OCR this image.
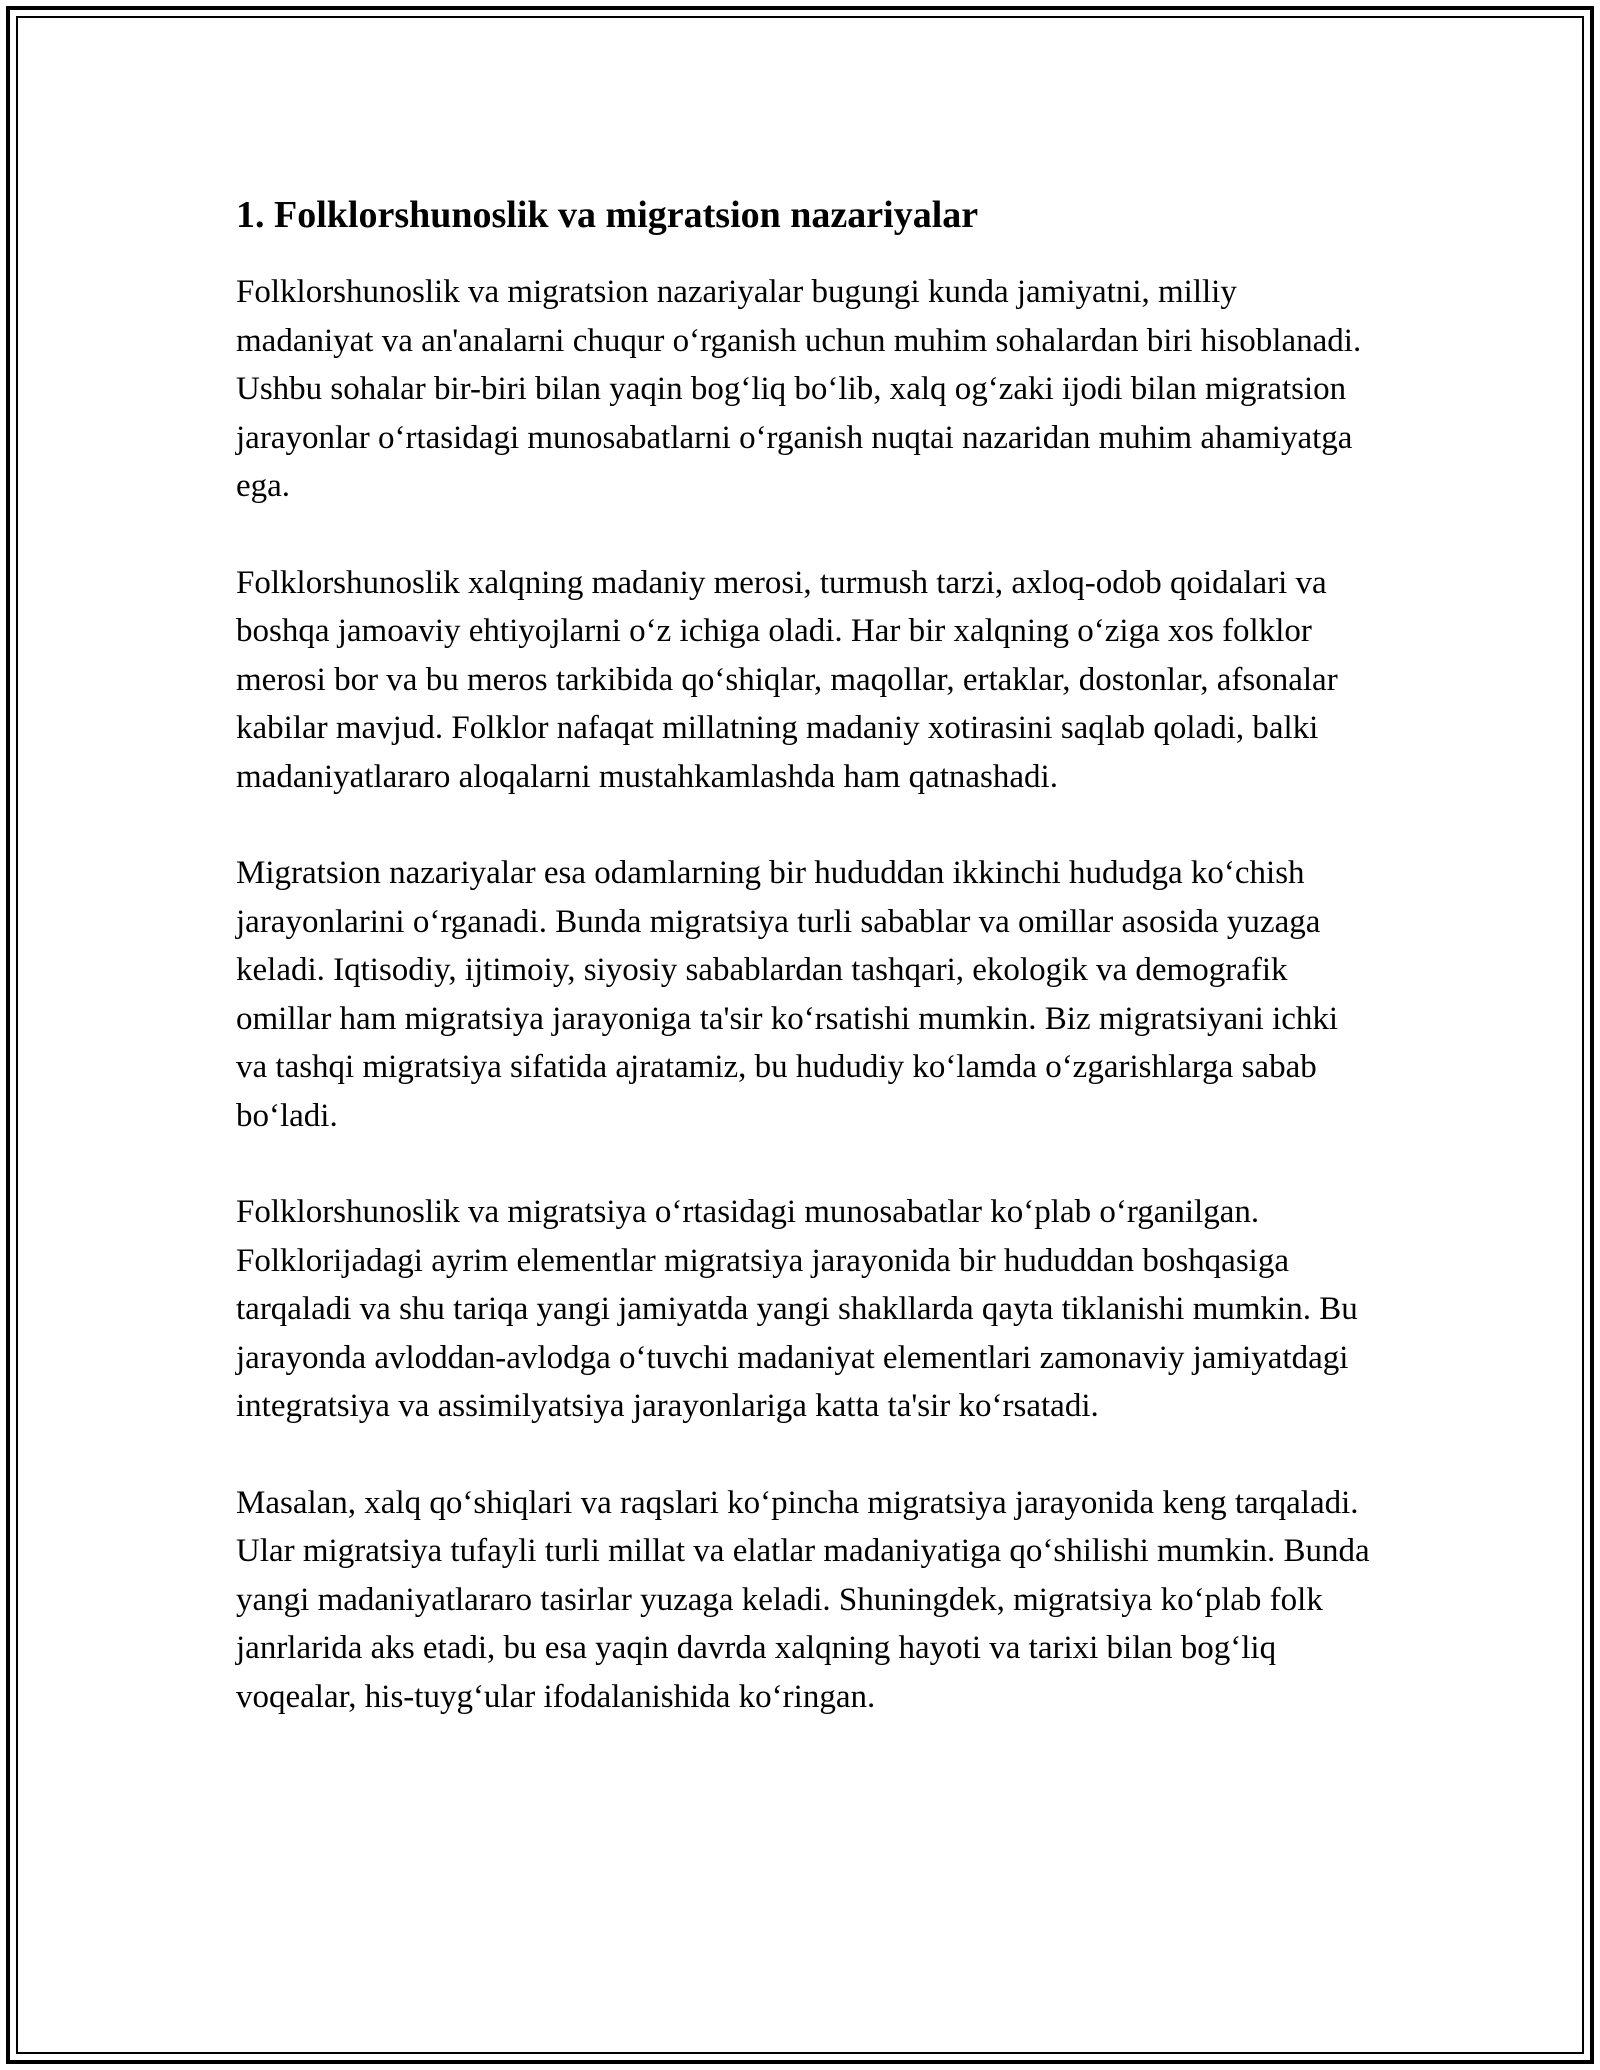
1. Folklorshunoslik va migratsion nazariyalar

Folklorshunoslik va migratsion nazariyalar bugungi kunda jamiyatni, milliy madaniyat va an'analarni chuqur o‘rganish uchun muhim sohalardan biri hisoblanadi. Ushbu sohalar bir-biri bilan yaqin bog‘liq bo‘lib, xalq og‘zaki ijodi bilan migratsion jarayonlar o‘rtasidagi munosabatlarni o‘rganish nuqtai nazaridan muhim ahamiyatga ega.

Folklorshunoslik xalqning madaniy merosi, turmush tarzi, axloq-odob qoidalari va boshqa jamoaviy ehtiyojlarni o‘z ichiga oladi. Har bir xalqning o‘ziga xos folklor merosi bor va bu meros tarkibida qo‘shiqlar, maqollar, ertaklar, dostonlar, afsonalar kabilar mavjud. Folklor nafaqat millatning madaniy xotirasini saqlab qoladi, balki madaniyatlararo aloqalarni mustahkamlashda ham qatnashadi.

Migratsion nazariyalar esa odamlarning bir hududdan ikkinchi hududga ko‘chish jarayonlarini o‘rganadi. Bunda migratsiya turli sabablar va omillar asosida yuzaga keladi. Iqtisodiy, ijtimoiy, siyosiy sabablardan tashqari, ekologik va demografik omillar ham migratsiya jarayoniga ta'sir ko‘rsatishi mumkin. Biz migratsiyani ichki va tashqi migratsiya sifatida ajratamiz, bu hududiy ko‘lamda o‘zgarishlarga sabab bo‘ladi.

Folklorshunoslik va migratsiya o‘rtasidagi munosabatlar ko‘plab o‘rganilgan. Folklorijadagi ayrim elementlar migratsiya jarayonida bir hududdan boshqasiga tarqaladi va shu tariqa yangi jamiyatda yangi shakllarda qayta tiklanishi mumkin. Bu jarayonda avloddan-avlodga o‘tuvchi madaniyat elementlari zamonaviy jamiyatdagi integratsiya va assimilyatsiya jarayonlariga katta ta'sir ko‘rsatadi.

Masalan, xalq qo‘shiqlari va raqslari ko‘pincha migratsiya jarayonida keng tarqaladi. Ular migratsiya tufayli turli millat va elatlar madaniyatiga qo‘shilishi mumkin. Bunda yangi madaniyatlararo tasirlar yuzaga keladi. Shuningdek, migratsiya ko‘plab folk janrlarida aks etadi, bu esa yaqin davrda xalqning hayoti va tarixi bilan bog‘liq voqealar, his-tuyg‘ular ifodalanishida ko‘ringan.
